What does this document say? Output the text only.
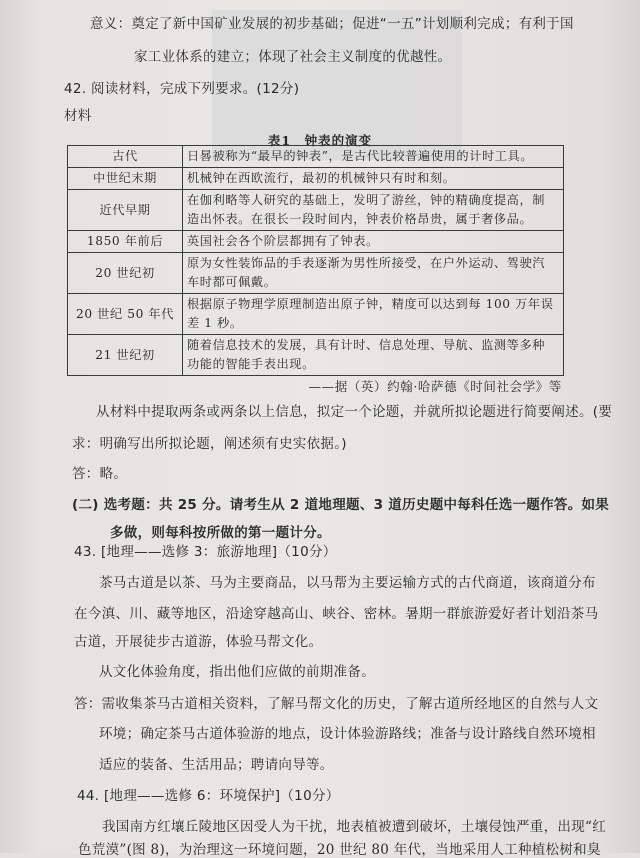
意义：奠定了新中国矿业发展的初步基础；促进“一五”计划顺利完成；有利于国
家工业体系的建立；体现了社会主义制度的优越性。
42. 阅读材料，完成下列要求。(12分)
材料
表1　钟表的演变
古代	日晷被称为“最早的钟表”，是古代比较普遍使用的计时工具。
中世纪末期	机械钟在西欧流行，最初的机械钟只有时和刻。
近代早期	在伽利略等人研究的基础上，发明了游丝，钟的精确度提高，制
造出怀表。在很长一段时间内，钟表价格昂贵，属于奢侈品。

1850 年前后	英国社会各个阶层都拥有了钟表。
20 世纪初	原为女性装饰品的手表逐渐为男性所接受，在户外运动、驾驶汽
车时都可佩戴。

20 世纪 50 年代	根据原子物理学原理制造出原子钟，精度可以达到每 100 万年误
差 1 秒。

21 世纪初	随着信息技术的发展，具有计时、信息处理、导航、监测等多种
功能的智能手表出现。
——据（英）约翰·哈萨德《时间社会学》等
从材料中提取两条或两条以上信息，拟定一个论题，并就所拟论题进行简要阐述。(要
求：明确写出所拟论题，阐述须有史实依据。)
答：略。
(二) 选考题：共 25 分。请考生从 2 道地理题、3 道历史题中每科任选一题作答。如果
多做，则每科按所做的第一题计分。
43. [地理——选修 3：旅游地理]（10分）
茶马古道是以茶、马为主要商品，以马帮为主要运输方式的古代商道，该商道分布
在今滇、川、藏等地区，沿途穿越高山、峡谷、密林。暑期一群旅游爱好者计划沿茶马
古道，开展徒步古道游，体验马帮文化。
从文化体验角度，指出他们应做的前期准备。
答：需收集茶马古道相关资料，了解马帮文化的历史，了解古道所经地区的自然与人文
环境；确定茶马古道体验游的地点，设计体验游路线；准备与设计路线自然环境相
适应的装备、生活用品；聘请向导等。
44. [地理——选修 6：环境保护]（10分）
我国南方红壤丘陵地区因受人为干扰，地表植被遭到破坏，土壤侵蚀严重，出现“红
色荒漠”(图 8)，为治理这一环境问题，20 世纪 80 年代，当地采用人工种植松树和臭
